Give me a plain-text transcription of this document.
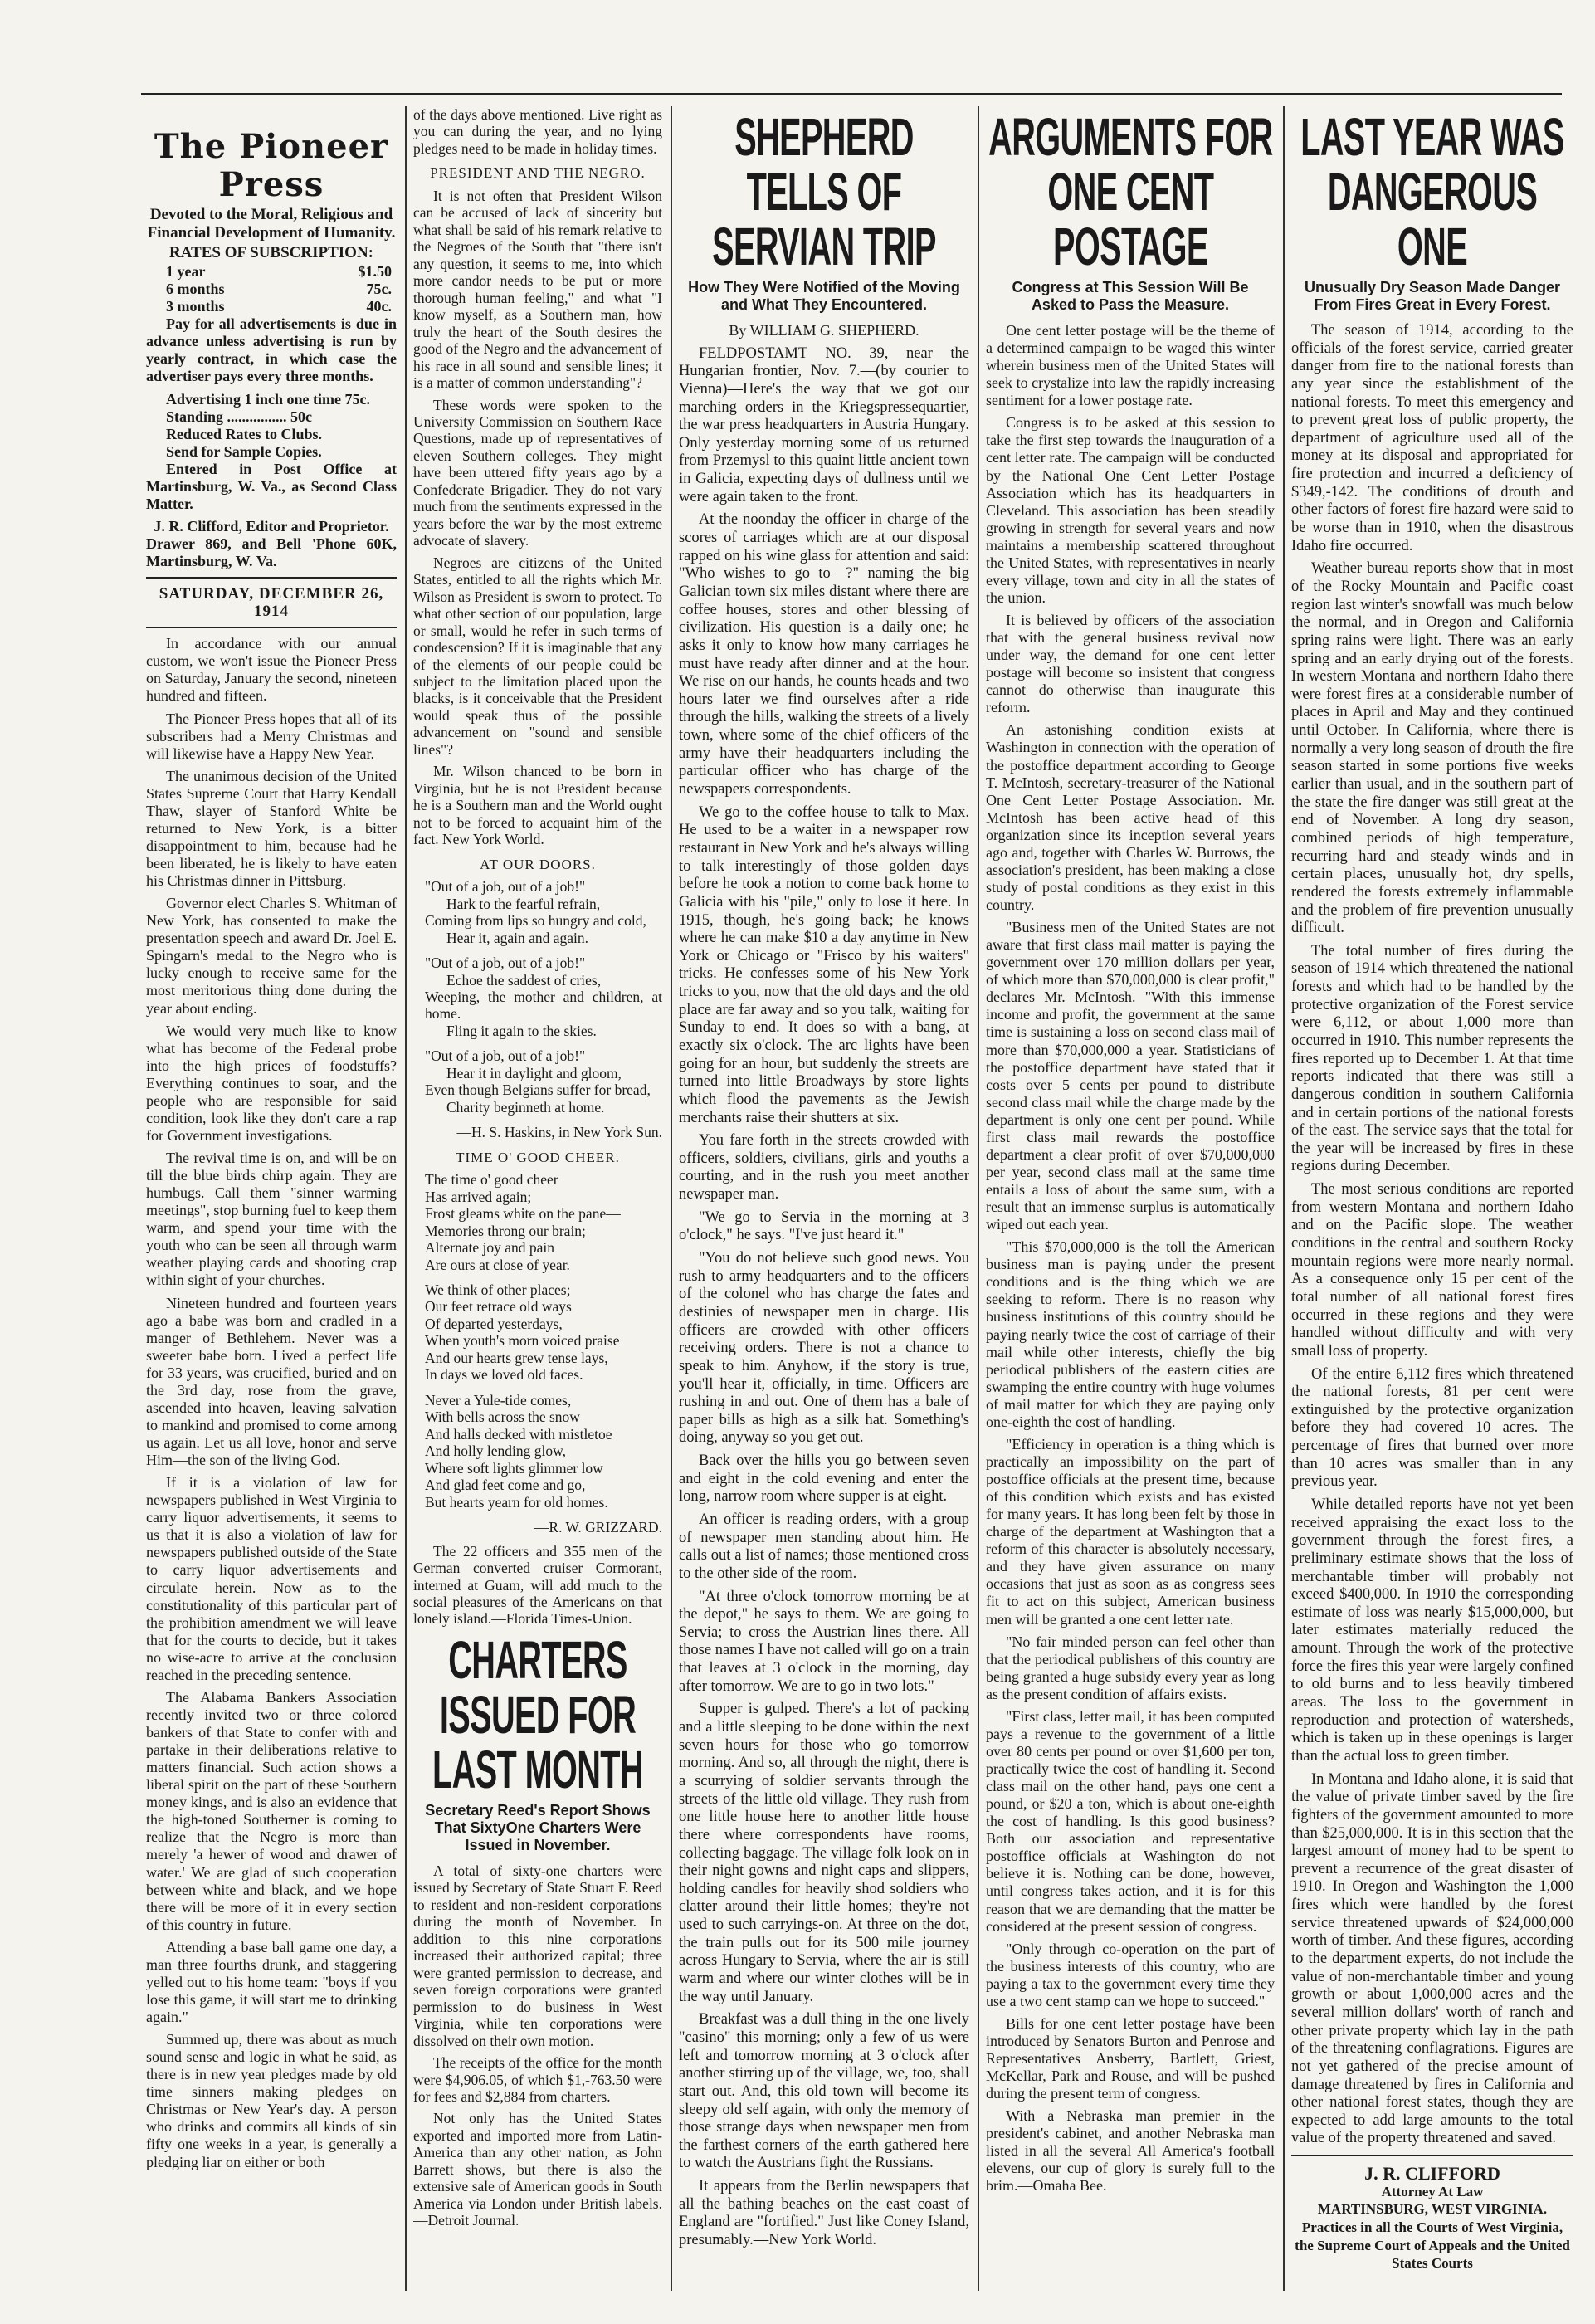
The Pioneer Press
Devoted to the Moral, Religious and Financial Development of Humanity.
RATES OF SUBSCRIPTION:
1 year	$1.50
6 months	75c.
3 months	40c.

Pay for all advertisements is due in advance unless advertising is run by yearly contract, in which case the advertiser pays every three months.

Advertising 1 inch one time 75c.
Standing ................ 50c
Reduced Rates to Clubs.
Send for Sample Copies.

Entered in Post Office at Martinsburg, W. Va., as Second Class Matter.

J. R. Clifford, Editor and Proprietor.
Drawer 869, and Bell 'Phone 60K, Martinsburg, W. Va.
SATURDAY, DECEMBER 26, 1914

In accordance with our annual custom, we won't issue the Pioneer Press on Saturday, January the second, nineteen hundred and fifteen.

The Pioneer Press hopes that all of its subscribers had a Merry Christmas and will likewise have a Happy New Year.

The unanimous decision of the United States Supreme Court that Harry Kendall Thaw, slayer of Stanford White be returned to New York, is a bitter disappointment to him, because had he been liberated, he is likely to have eaten his Christmas dinner in Pittsburg.

Governor elect Charles S. Whitman of New York, has consented to make the presentation speech and award Dr. Joel E. Spingarn's medal to the Negro who is lucky enough to receive same for the most meritorious thing done during the year about ending.

We would very much like to know what has become of the Federal probe into the high prices of foodstuffs? Everything continues to soar, and the people who are responsible for said condition, look like they don't care a rap for Government investigations.

The revival time is on, and will be on till the blue birds chirp again. They are humbugs. Call them "sinner warming meetings", stop burning fuel to keep them warm, and spend your time with the youth who can be seen all through warm weather playing cards and shooting crap within sight of your churches.

Nineteen hundred and fourteen years ago a babe was born and cradled in a manger of Bethlehem. Never was a sweeter babe born. Lived a perfect life for 33 years, was crucified, buried and on the 3rd day, rose from the grave, ascended into heaven, leaving salvation to mankind and promised to come among us again. Let us all love, honor and serve Him—the son of the living God.

If it is a violation of law for newspapers published in West Virginia to carry liquor advertisements, it seems to us that it is also a violation of law for newspapers published outside of the State to carry liquor advertisements and circulate herein. Now as to the constitutionality of this particular part of the prohibition amendment we will leave that for the courts to decide, but it takes no wise-acre to arrive at the conclusion reached in the preceding sentence.

The Alabama Bankers Association recently invited two or three colored bankers of that State to confer with and partake in their deliberations relative to matters financial. Such action shows a liberal spirit on the part of these Southern money kings, and is also an evidence that the high-toned Southerner is coming to realize that the Negro is more than merely 'a hewer of wood and drawer of water.' We are glad of such cooperation between white and black, and we hope there will be more of it in every section of this country in future.

Attending a base ball game one day, a man three fourths drunk, and staggering yelled out to his home team: "boys if you lose this game, it will start me to drinking again."

Summed up, there was about as much sound sense and logic in what he said, as there is in new year pledges made by old time sinners making pledges on Christmas or New Year's day. A person who drinks and commits all kinds of sin fifty one weeks in a year, is generally a pledging liar on either or both

of the days above mentioned. Live right as you can during the year, and no lying pledges need to be made in holiday times.

PRESIDENT AND THE NEGRO.

It is not often that President Wilson can be accused of lack of sincerity but what shall be said of his remark relative to the Negroes of the South that "there isn't any question, it seems to me, into which more candor needs to be put or more thorough human feeling," and what "I know myself, as a Southern man, how truly the heart of the South desires the good of the Negro and the advancement of his race in all sound and sensible lines; it is a matter of common understanding"?

These words were spoken to the University Commission on Southern Race Questions, made up of representatives of eleven Southern colleges. They might have been uttered fifty years ago by a Confederate Brigadier. They do not vary much from the sentiments expressed in the years before the war by the most extreme advocate of slavery.

Negroes are citizens of the United States, entitled to all the rights which Mr. Wilson as President is sworn to protect. To what other section of our population, large or small, would he refer in such terms of condescension? If it is imaginable that any of the elements of our people could be subject to the limitation placed upon the blacks, is it conceivable that the President would speak thus of the possible advancement on "sound and sensible lines"?

Mr. Wilson chanced to be born in Virginia, but he is not President because he is a Southern man and the World ought not to be forced to acquaint him of the fact. New York World.

AT OUR DOORS.
"Out of a job, out of a job!"
Hark to the fearful refrain,
Coming from lips so hungry and cold,
Hear it, again and again.
"Out of a job, out of a job!"
Echoe the saddest of cries,
Weeping, the mother and children, at home.
Fling it again to the skies.
"Out of a job, out of a job!"
Hear it in daylight and gloom,
Even though Belgians suffer for bread,
Charity beginneth at home.
—H. S. Haskins, in New York Sun.
TIME O' GOOD CHEER.
The time o' good cheer
Has arrived again;
Frost gleams white on the pane—
Memories throng our brain;
Alternate joy and pain
Are ours at close of year.
We think of other places;
Our feet retrace old ways
Of departed yesterdays,
When youth's morn voiced praise
And our hearts grew tense lays,
In days we loved old faces.
Never a Yule-tide comes,
With bells across the snow
And halls decked with mistletoe
And holly lending glow,
Where soft lights glimmer low
And glad feet come and go,
But hearts yearn for old homes.
—R. W. GRIZZARD.

The 22 officers and 355 men of the German converted cruiser Cormorant, interned at Guam, will add much to the social pleasures of the Americans on that lonely island.—Florida Times-Union.

CHARTERS ISSUED FOR LAST MONTH
Secretary Reed's Report Shows That SixtyOne Charters Were Issued in November.

A total of sixty-one charters were issued by Secretary of State Stuart F. Reed to resident and non-resident corporations during the month of November. In addition to this nine corporations increased their authorized capital; three were granted permission to decrease, and seven foreign corporations were granted permission to do business in West Virginia, while ten corporations were dissolved on their own motion.

The receipts of the office for the month were $4,906.05, of which $1,-763.50 were for fees and $2,884 from charters.

Not only has the United States exported and imported more from Latin-America than any other nation, as John Barrett shows, but there is also the extensive sale of American goods in South America via London under British labels.—Detroit Journal.

SHEPHERD TELLS OF SERVIAN TRIP
How They Were Notified of the Moving and What They Encountered.
By WILLIAM G. SHEPHERD.

FELDPOSTAMT NO. 39, near the Hungarian frontier, Nov. 7.—(by courier to Vienna)—Here's the way that we got our marching orders in the Kriegspressequartier, the war press headquarters in Austria Hungary. Only yesterday morning some of us returned from Przemysl to this quaint little ancient town in Galicia, expecting days of dullness until we were again taken to the front.

At the noonday the officer in charge of the scores of carriages which are at our disposal rapped on his wine glass for attention and said: "Who wishes to go to—?" naming the big Galician town six miles distant where there are coffee houses, stores and other blessing of civilization. His question is a daily one; he asks it only to know how many carriages he must have ready after dinner and at the hour. We rise on our hands, he counts heads and two hours later we find ourselves after a ride through the hills, walking the streets of a lively town, where some of the chief officers of the army have their headquarters including the particular officer who has charge of the newspapers correspondents.

We go to the coffee house to talk to Max. He used to be a waiter in a newspaper row restaurant in New York and he's always willing to talk interestingly of those golden days before he took a notion to come back home to Galicia with his "pile," only to lose it here. In 1915, though, he's going back; he knows where he can make $10 a day anytime in New York or Chicago or "Frisco by his waiters" tricks. He confesses some of his New York tricks to you, now that the old days and the old place are far away and so you talk, waiting for Sunday to end. It does so with a bang, at exactly six o'clock. The arc lights have been going for an hour, but suddenly the streets are turned into little Broadways by store lights which flood the pavements as the Jewish merchants raise their shutters at six.

You fare forth in the streets crowded with officers, soldiers, civilians, girls and youths a courting, and in the rush you meet another newspaper man.

"We go to Servia in the morning at 3 o'clock," he says. "I've just heard it."

"You do not believe such good news. You rush to army headquarters and to the officers of the colonel who has charge the fates and destinies of newspaper men in charge. His officers are crowded with other officers receiving orders. There is not a chance to speak to him. Anyhow, if the story is true, you'll hear it, officially, in time. Officers are rushing in and out. One of them has a bale of paper bills as high as a silk hat. Something's doing, anyway so you get out.

Back over the hills you go between seven and eight in the cold evening and enter the long, narrow room where supper is at eight.

An officer is reading orders, with a group of newspaper men standing about him. He calls out a list of names; those mentioned cross to the other side of the room.

"At three o'clock tomorrow morning be at the depot," he says to them. We are going to Servia; to cross the Austrian lines there. All those names I have not called will go on a train that leaves at 3 o'clock in the morning, day after tomorrow. We are to go in two lots."

Supper is gulped. There's a lot of packing and a little sleeping to be done within the next seven hours for those who go tomorrow morning. And so, all through the night, there is a scurrying of soldier servants through the streets of the little old village. They rush from one little house here to another little house there where correspondents have rooms, collecting baggage. The village folk look on in their night gowns and night caps and slippers, holding candles for heavily shod soldiers who clatter around their little homes; they're not used to such carryings-on. At three on the dot, the train pulls out for its 500 mile journey across Hungary to Servia, where the air is still warm and where our winter clothes will be in the way until January.

Breakfast was a dull thing in the one lively "casino" this morning; only a few of us were left and tomorrow morning at 3 o'clock after another stirring up of the village, we, too, shall start out. And, this old town will become its sleepy old self again, with only the memory of those strange days when newspaper men from the farthest corners of the earth gathered here to watch the Austrians fight the Russians.

It appears from the Berlin newspapers that all the bathing beaches on the east coast of England are "fortified." Just like Coney Island, presumably.—New York World.

ARGUMENTS FOR ONE CENT POSTAGE
Congress at This Session Will Be Asked to Pass the Measure.

One cent letter postage will be the theme of a determined campaign to be waged this winter wherein business men of the United States will seek to crystalize into law the rapidly increasing sentiment for a lower postage rate.

Congress is to be asked at this session to take the first step towards the inauguration of a cent letter rate. The campaign will be conducted by the National One Cent Letter Postage Association which has its headquarters in Cleveland. This association has been steadily growing in strength for several years and now maintains a membership scattered throughout the United States, with representatives in nearly every village, town and city in all the states of the union.

It is believed by officers of the association that with the general business revival now under way, the demand for one cent letter postage will become so insistent that congress cannot do otherwise than inaugurate this reform.

An astonishing condition exists at Washington in connection with the operation of the postoffice department according to George T. McIntosh, secretary-treasurer of the National One Cent Letter Postage Association. Mr. McIntosh has been active head of this organization since its inception several years ago and, together with Charles W. Burrows, the association's president, has been making a close study of postal conditions as they exist in this country.

"Business men of the United States are not aware that first class mail matter is paying the government over 170 million dollars per year, of which more than $70,000,000 is clear profit," declares Mr. McIntosh. "With this immense income and profit, the government at the same time is sustaining a loss on second class mail of more than $70,000,000 a year. Statisticians of the postoffice department have stated that it costs over 5 cents per pound to distribute second class mail while the charge made by the department is only one cent per pound. While first class mail rewards the postoffice department a clear profit of over $70,000,000 per year, second class mail at the same time entails a loss of about the same sum, with a result that an immense surplus is automatically wiped out each year.

"This $70,000,000 is the toll the American business man is paying under the present conditions and is the thing which we are seeking to reform. There is no reason why business institutions of this country should be paying nearly twice the cost of carriage of their mail while other interests, chiefly the big periodical publishers of the eastern cities are swamping the entire country with huge volumes of mail matter for which they are paying only one-eighth the cost of handling.

"Efficiency in operation is a thing which is practically an impossibility on the part of postoffice officials at the present time, because of this condition which exists and has existed for many years. It has long been felt by those in charge of the department at Washington that a reform of this character is absolutely necessary, and they have given assurance on many occasions that just as soon as as congress sees fit to act on this subject, American business men will be granted a one cent letter rate.

"No fair minded person can feel other than that the periodical publishers of this country are being granted a huge subsidy every year as long as the present condition of affairs exists.

"First class, letter mail, it has been computed pays a revenue to the government of a little over 80 cents per pound or over $1,600 per ton, practically twice the cost of handling it. Second class mail on the other hand, pays one cent a pound, or $20 a ton, which is about one-eighth the cost of handling. Is this good business? Both our association and representative postoffice officials at Washington do not believe it is. Nothing can be done, however, until congress takes action, and it is for this reason that we are demanding that the matter be considered at the present session of congress.

"Only through co-operation on the part of the business interests of this country, who are paying a tax to the government every time they use a two cent stamp can we hope to succeed."

Bills for one cent letter postage have been introduced by Senators Burton and Penrose and Representatives Ansberry, Bartlett, Griest, McKellar, Park and Rouse, and will be pushed during the present term of congress.

With a Nebraska man premier in the president's cabinet, and another Nebraska man listed in all the several All America's football elevens, our cup of glory is surely full to the brim.—Omaha Bee.

LAST YEAR WAS DANGEROUS ONE
Unusually Dry Season Made Danger From Fires Great in Every Forest.

The season of 1914, according to the officials of the forest service, carried greater danger from fire to the national forests than any year since the establishment of the national forests. To meet this emergency and to prevent great loss of public property, the department of agriculture used all of the money at its disposal and appropriated for fire protection and incurred a deficiency of $349,-142. The conditions of drouth and other factors of forest fire hazard were said to be worse than in 1910, when the disastrous Idaho fire occurred.

Weather bureau reports show that in most of the Rocky Mountain and Pacific coast region last winter's snowfall was much below the normal, and in Oregon and California spring rains were light. There was an early spring and an early drying out of the forests. In western Montana and northern Idaho there were forest fires at a considerable number of places in April and May and they continued until October. In California, where there is normally a very long season of drouth the fire season started in some portions five weeks earlier than usual, and in the southern part of the state the fire danger was still great at the end of November. A long dry season, combined periods of high temperature, recurring hard and steady winds and in certain places, unusually hot, dry spells, rendered the forests extremely inflammable and the problem of fire prevention unusually difficult.

The total number of fires during the season of 1914 which threatened the national forests and which had to be handled by the protective organization of the Forest service were 6,112, or about 1,000 more than occurred in 1910. This number represents the fires reported up to December 1. At that time reports indicated that there was still a dangerous condition in southern California and in certain portions of the national forests of the east. The service says that the total for the year will be increased by fires in these regions during December.

The most serious conditions are reported from western Montana and northern Idaho and on the Pacific slope. The weather conditions in the central and southern Rocky mountain regions were more nearly normal. As a consequence only 15 per cent of the total number of all national forest fires occurred in these regions and they were handled without difficulty and with very small loss of property.

Of the entire 6,112 fires which threatened the national forests, 81 per cent were extinguished by the protective organization before they had covered 10 acres. The percentage of fires that burned over more than 10 acres was smaller than in any previous year.

While detailed reports have not yet been received appraising the exact loss to the government through the forest fires, a preliminary estimate shows that the loss of merchantable timber will probably not exceed $400,000. In 1910 the corresponding estimate of loss was nearly $15,000,000, but later estimates materially reduced the amount. Through the work of the protective force the fires this year were largely confined to old burns and to less heavily timbered areas. The loss to the government in reproduction and protection of watersheds, which is taken up in these openings is larger than the actual loss to green timber.

In Montana and Idaho alone, it is said that the value of private timber saved by the fire fighters of the government amounted to more than $25,000,000. It is in this section that the largest amount of money had to be spent to prevent a recurrence of the great disaster of 1910. In Oregon and Washington the 1,000 fires which were handled by the forest service threatened upwards of $24,000,000 worth of timber. And these figures, according to the department experts, do not include the value of non-merchantable timber and young growth or about 1,000,000 acres and the several million dollars' worth of ranch and other private property which lay in the path of the threatening conflagrations. Figures are not yet gathered of the precise amount of damage threatened by fires in California and other national forest states, though they are expected to add large amounts to the total value of the property threatened and saved.

J. R. CLIFFORD
Attorney At Law
MARTINSBURG, WEST VIRGINIA.

Practices in all the Courts of West Virginia, the Supreme Court of Appeals and the United States Courts
